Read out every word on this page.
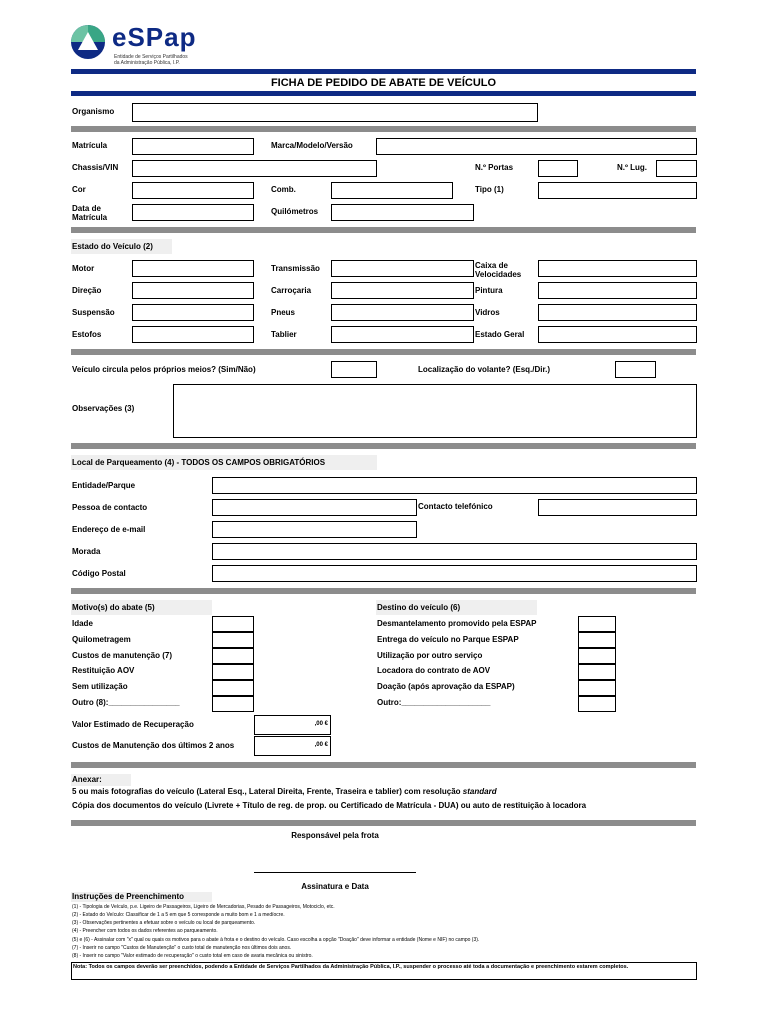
eSPap
Entidade de Serviços Partilhados
da Administração Pública, I.P.
FICHA DE PEDIDO DE ABATE DE VEÍCULO
Organismo
Matrícula	Marca/Modelo/Versão
Chassis/VIN	N.º Portas	N.º Lug.
Cor	Comb.	Tipo (1)
Data de
Matrícula
Quilómetros
Estado do Veículo (2)
Motor	Transmissão	Caixa de
Velocidades
Direção	Carroçaria	Pintura
Suspensão	Pneus	Vidros
Estofos	Tablier	Estado Geral
Veículo circula pelos próprios meios? (Sim/Não)	Localização do volante? (Esq./Dir.)
Observações (3)
Local de Parqueamento (4) - TODOS OS CAMPOS OBRIGATÓRIOS
Entidade/Parque
Pessoa de contacto	Contacto telefónico
Endereço de e-mail
Morada
Código Postal
Motivo(s) do abate (5)	Destino do veículo (6)
Idade	Desmantelamento promovido pela ESPAP
Quilometragem	Entrega do veículo no Parque ESPAP
Custos de manutenção (7)	Utilização por outro serviço
Restituição AOV	Locadora do contrato de AOV
Sem utilização	Doação (após aprovação da ESPAP)
Outro (8):________________	Outro:____________________
Valor Estimado de Recuperação	,00 €
Custos de Manutenção dos últimos 2 anos	,00 €
Anexar:
5 ou mais fotografias do veículo (Lateral Esq., Lateral Direita, Frente, Traseira e tablier) com resolução standard
Cópia dos documentos do veículo (Livrete + Título de reg. de prop. ou Certificado de Matrícula - DUA) ou auto de restituição à locadora
Responsável pela frota
Assinatura e Data
Instruções de Preenchimento
(1) - Tipologia de Veículo, p.e. Ligeiro de Passageiros, Ligeiro de Mercadorias, Pesado de Passageiros, Motociclo, etc.
(2) - Estado do Veículo: Classificar de 1 a 5 em que 5 corresponde a muito bom e 1 a medíocre.
(3) - Observações pertinentes a efetuar sobre o veículo ou local de parqueamento.
(4) - Preencher com todos os dados referentes ao parqueamento.
(5) e (6) - Assinalar com "x" qual ou quais os motivos para o abate à frota e o destino do veículo. Caso escolha a opção "Doação" deve informar a entidade (Nome e NIF) no campo (3).
(7) - Inserir no campo "Custos de Manutenção" o custo total de manutenção nos últimos dois anos.
(8) - Inserir no campo "Valor estimado de recuperação" o custo total em caso de avaria mecânica ou sinistro.
Nota: Todos os campos deverão ser preenchidos, podendo a Entidade de Serviços Partilhados da Administração Pública, I.P., suspender o processo até toda a documentação e preenchimento estarem completos.
